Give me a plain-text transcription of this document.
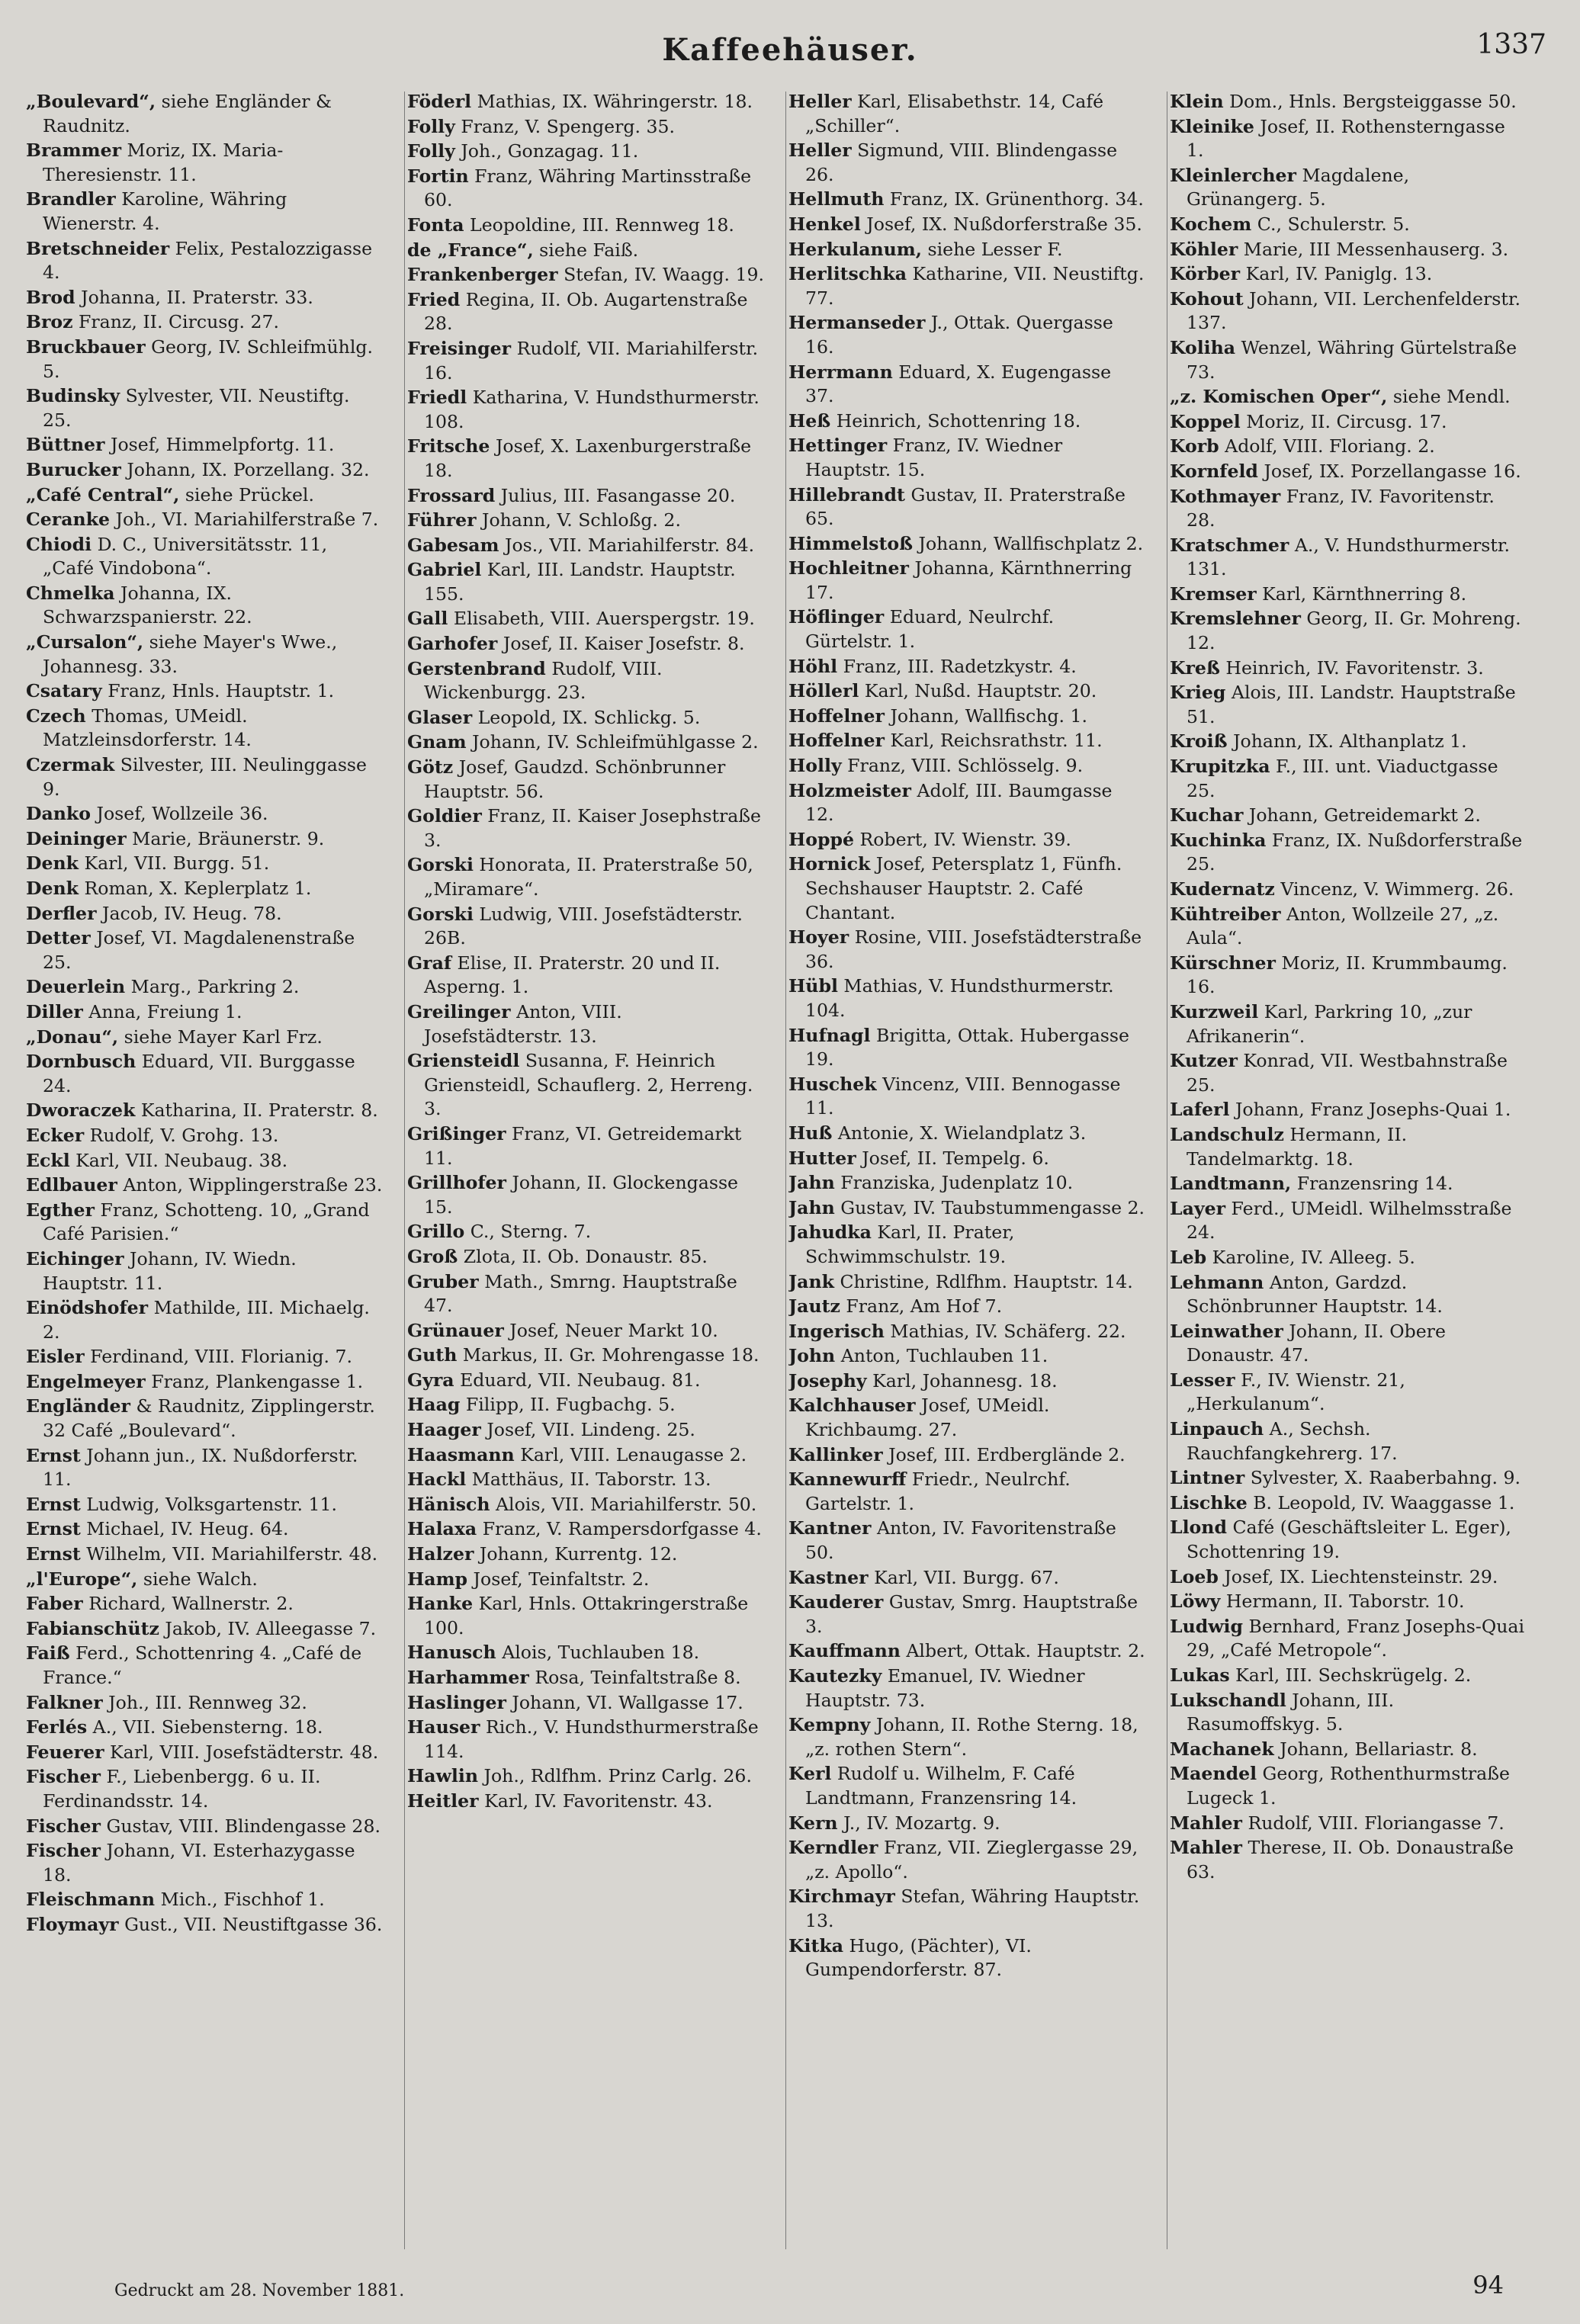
Kaffeehäuser.	1337
„Boulevard“, siehe Engländer & Raudnitz.
Brammer Moriz, IX. Maria-Theresienstr. 11.
Brandler Karoline, Währing Wienerstr. 4.
Bretschneider Felix, Pestalozzigasse 4.
Brod Johanna, II. Praterstr. 33.
Broz Franz, II. Circusg. 27.
Bruckbauer Georg, IV. Schleifmühlg. 5.
Budinsky Sylvester, VII. Neustiftg. 25.
Büttner Josef, Himmelpfortg. 11.
Burucker Johann, IX. Porzellang. 32.
„Café Central“, siehe Prückel.
Ceranke Joh., VI. Mariahilferstraße 7.
Chiodi D. C., Universitätsstr. 11, „Café Vindobona“.
Chmelka Johanna, IX. Schwarzspanierstr. 22.
„Cursalon“, siehe Mayer's Wwe., Johannesg. 33.
Csatary Franz, Hnls. Hauptstr. 1.
Czech Thomas, UMeidl. Matzleinsdorferstr. 14.
Czermak Silvester, III. Neulinggasse 9.
Danko Josef, Wollzeile 36.
Deininger Marie, Bräunerstr. 9.
Denk Karl, VII. Burgg. 51.
Denk Roman, X. Keplerplatz 1.
Derfler Jacob, IV. Heug. 78.
Detter Josef, VI. Magdalenenstraße 25.
Deuerlein Marg., Parkring 2.
Diller Anna, Freiung 1.
„Donau“, siehe Mayer Karl Frz.
Dornbusch Eduard, VII. Burggasse 24.
Dworaczek Katharina, II. Praterstr. 8.
Ecker Rudolf, V. Grohg. 13.
Eckl Karl, VII. Neubaug. 38.
Edlbauer Anton, Wipplingerstraße 23.
Egther Franz, Schotteng. 10, „Grand Café Parisien.“
Eichinger Johann, IV. Wiedn. Hauptstr. 11.
Einödshofer Mathilde, III. Michaelg. 2.
Eisler Ferdinand, VIII. Florianig. 7.
Engelmeyer Franz, Plankengasse 1.
Engländer & Raudnitz, Zipplingerstr. 32 Café „Boulevard“.
Ernst Johann jun., IX. Nußdorferstr. 11.
Ernst Ludwig, Volksgartenstr. 11.
Ernst Michael, IV. Heug. 64.
Ernst Wilhelm, VII. Mariahilferstr. 48.
„l'Europe“, siehe Walch.
Faber Richard, Wallnerstr. 2.
Fabianschütz Jakob, IV. Alleegasse 7.
Faiß Ferd., Schottenring 4. „Café de France.“
Falkner Joh., III. Rennweg 32.
Ferlés A., VII. Siebensterng. 18.
Feuerer Karl, VIII. Josefstädterstr. 48.
Fischer F., Liebenbergg. 6 u. II. Ferdinandsstr. 14.
Fischer Gustav, VIII. Blindengasse 28.
Fischer Johann, VI. Esterhazygasse 18.
Fleischmann Mich., Fischhof 1.
Floymayr Gust., VII. Neustiftgasse 36.
Föderl Mathias, IX. Währingerstr. 18.
Folly Franz, V. Spengerg. 35.
Folly Joh., Gonzagag. 11.
Fortin Franz, Währing Martinsstraße 60.
Fonta Leopoldine, III. Rennweg 18.
de „France“, siehe Faiß.
Frankenberger Stefan, IV. Waagg. 19.
Fried Regina, II. Ob. Augartenstraße 28.
Freisinger Rudolf, VII. Mariahilferstr. 16.
Friedl Katharina, V. Hundsthurmerstr. 108.
Fritsche Josef, X. Laxenburgerstraße 18.
Frossard Julius, III. Fasangasse 20.
Führer Johann, V. Schloßg. 2.
Gabesam Jos., VII. Mariahilferstr. 84.
Gabriel Karl, III. Landstr. Hauptstr. 155.
Gall Elisabeth, VIII. Auerspergstr. 19.
Garhofer Josef, II. Kaiser Josefstr. 8.
Gerstenbrand Rudolf, VIII. Wickenburgg. 23.
Glaser Leopold, IX. Schlickg. 5.
Gnam Johann, IV. Schleifmühlgasse 2.
Götz Josef, Gaudzd. Schönbrunner Hauptstr. 56.
Goldier Franz, II. Kaiser Josephstraße 3.
Gorski Honorata, II. Praterstraße 50, „Miramare“.
Gorski Ludwig, VIII. Josefstädterstr. 26B.
Graf Elise, II. Praterstr. 20 und II. Asperng. 1.
Greilinger Anton, VIII. Josefstädterstr. 13.
Griensteidl Susanna, F. Heinrich Griensteidl, Schauflerg. 2, Herreng. 3.
Grißinger Franz, VI. Getreidemarkt 11.
Grillhofer Johann, II. Glockengasse 15.
Grillo C., Sterng. 7.
Groß Zlota, II. Ob. Donaustr. 85.
Gruber Math., Smrng. Hauptstraße 47.
Grünauer Josef, Neuer Markt 10.
Guth Markus, II. Gr. Mohrengasse 18.
Gyra Eduard, VII. Neubaug. 81.
Haag Filipp, II. Fugbachg. 5.
Haager Josef, VII. Lindeng. 25.
Haasmann Karl, VIII. Lenaugasse 2.
Hackl Matthäus, II. Taborstr. 13.
Hänisch Alois, VII. Mariahilferstr. 50.
Halaxa Franz, V. Rampersdorfgasse 4.
Halzer Johann, Kurrentg. 12.
Hamp Josef, Teinfaltstr. 2.
Hanke Karl, Hnls. Ottakringerstraße 100.
Hanusch Alois, Tuchlauben 18.
Harhammer Rosa, Teinfaltstraße 8.
Haslinger Johann, VI. Wallgasse 17.
Hauser Rich., V. Hundsthurmerstraße 114.
Hawlin Joh., Rdlfhm. Prinz Carlg. 26.
Heitler Karl, IV. Favoritenstr. 43.
Heller Karl, Elisabethstr. 14, Café „Schiller“.
Heller Sigmund, VIII. Blindengasse 26.
Hellmuth Franz, IX. Grünenthorg. 34.
Henkel Josef, IX. Nußdorferstraße 35.
Herkulanum, siehe Lesser F.
Herlitschka Katharine, VII. Neustiftg. 77.
Hermanseder J., Ottak. Quergasse 16.
Herrmann Eduard, X. Eugengasse 37.
Heß Heinrich, Schottenring 18.
Hettinger Franz, IV. Wiedner Hauptstr. 15.
Hillebrandt Gustav, II. Praterstraße 65.
Himmelstoß Johann, Wallfischplatz 2.
Hochleitner Johanna, Kärnthnerring 17.
Höflinger Eduard, Neulrchf. Gürtelstr. 1.
Höhl Franz, III. Radetzkystr. 4.
Höllerl Karl, Nußd. Hauptstr. 20.
Hoffelner Johann, Wallfischg. 1.
Hoffelner Karl, Reichsrathstr. 11.
Holly Franz, VIII. Schlösselg. 9.
Holzmeister Adolf, III. Baumgasse 12.
Hoppé Robert, IV. Wienstr. 39.
Hornick Josef, Petersplatz 1, Fünfh. Sechshauser Hauptstr. 2. Café Chantant.
Hoyer Rosine, VIII. Josefstädterstraße 36.
Hübl Mathias, V. Hundsthurmerstr. 104.
Hufnagl Brigitta, Ottak. Hubergasse 19.
Huschek Vincenz, VIII. Bennogasse 11.
Huß Antonie, X. Wielandplatz 3.
Hutter Josef, II. Tempelg. 6.
Jahn Franziska, Judenplatz 10.
Jahn Gustav, IV. Taubstummengasse 2.
Jahudka Karl, II. Prater, Schwimmschulstr. 19.
Jank Christine, Rdlfhm. Hauptstr. 14.
Jautz Franz, Am Hof 7.
Ingerisch Mathias, IV. Schäferg. 22.
John Anton, Tuchlauben 11.
Josephy Karl, Johannesg. 18.
Kalchhauser Josef, UMeidl. Krichbaumg. 27.
Kallinker Josef, III. Erdberglände 2.
Kannewurff Friedr., Neulrchf. Gartelstr. 1.
Kantner Anton, IV. Favoritenstraße 50.
Kastner Karl, VII. Burgg. 67.
Kauderer Gustav, Smrg. Hauptstraße 3.
Kauffmann Albert, Ottak. Hauptstr. 2.
Kautezky Emanuel, IV. Wiedner Hauptstr. 73.
Kempny Johann, II. Rothe Sterng. 18, „z. rothen Stern“.
Kerl Rudolf u. Wilhelm, F. Café Landtmann, Franzensring 14.
Kern J., IV. Mozartg. 9.
Kerndler Franz, VII. Zieglergasse 29, „z. Apollo“.
Kirchmayr Stefan, Währing Hauptstr. 13.
Kitka Hugo, (Pächter), VI. Gumpendorferstr. 87.
Klein Dom., Hnls. Bergsteiggasse 50.
Kleinike Josef, II. Rothensterngasse 1.
Kleinlercher Magdalene, Grünangerg. 5.
Kochem C., Schulerstr. 5.
Köhler Marie, III Messenhauserg. 3.
Körber Karl, IV. Paniglg. 13.
Kohout Johann, VII. Lerchenfelderstr. 137.
Koliha Wenzel, Währing Gürtelstraße 73.
„z. Komischen Oper“, siehe Mendl.
Koppel Moriz, II. Circusg. 17.
Korb Adolf, VIII. Floriang. 2.
Kornfeld Josef, IX. Porzellangasse 16.
Kothmayer Franz, IV. Favoritenstr. 28.
Kratschmer A., V. Hundsthurmerstr. 131.
Kremser Karl, Kärnthnerring 8.
Kremslehner Georg, II. Gr. Mohreng. 12.
Kreß Heinrich, IV. Favoritenstr. 3.
Krieg Alois, III. Landstr. Hauptstraße 51.
Kroiß Johann, IX. Althanplatz 1.
Krupitzka F., III. unt. Viaductgasse 25.
Kuchar Johann, Getreidemarkt 2.
Kuchinka Franz, IX. Nußdorferstraße 25.
Kudernatz Vincenz, V. Wimmerg. 26.
Kühtreiber Anton, Wollzeile 27, „z. Aula“.
Kürschner Moriz, II. Krummbaumg. 16.
Kurzweil Karl, Parkring 10, „zur Afrikanerin“.
Kutzer Konrad, VII. Westbahnstraße 25.
Laferl Johann, Franz Josephs-Quai 1.
Landschulz Hermann, II. Tandelmarktg. 18.
Landtmann, Franzensring 14.
Layer Ferd., UMeidl. Wilhelmsstraße 24.
Leb Karoline, IV. Alleeg. 5.
Lehmann Anton, Gardzd. Schönbrunner Hauptstr. 14.
Leinwather Johann, II. Obere Donaustr. 47.
Lesser F., IV. Wienstr. 21, „Herkulanum“.
Linpauch A., Sechsh. Rauchfangkehrerg. 17.
Lintner Sylvester, X. Raaberbahng. 9.
Lischke B. Leopold, IV. Waaggasse 1.
Llond Café (Geschäftsleiter L. Eger), Schottenring 19.
Loeb Josef, IX. Liechtensteinstr. 29.
Löwy Hermann, II. Taborstr. 10.
Ludwig Bernhard, Franz Josephs-Quai 29, „Café Metropole“.
Lukas Karl, III. Sechskrügelg. 2.
Lukschandl Johann, III. Rasumoffskyg. 5.
Machanek Johann, Bellariastr. 8.
Maendel Georg, Rothenthurmstraße Lugeck 1.
Mahler Rudolf, VIII. Floriangasse 7.
Mahler Therese, II. Ob. Donaustraße 63.
Gedruckt am 28. November 1881.	94
